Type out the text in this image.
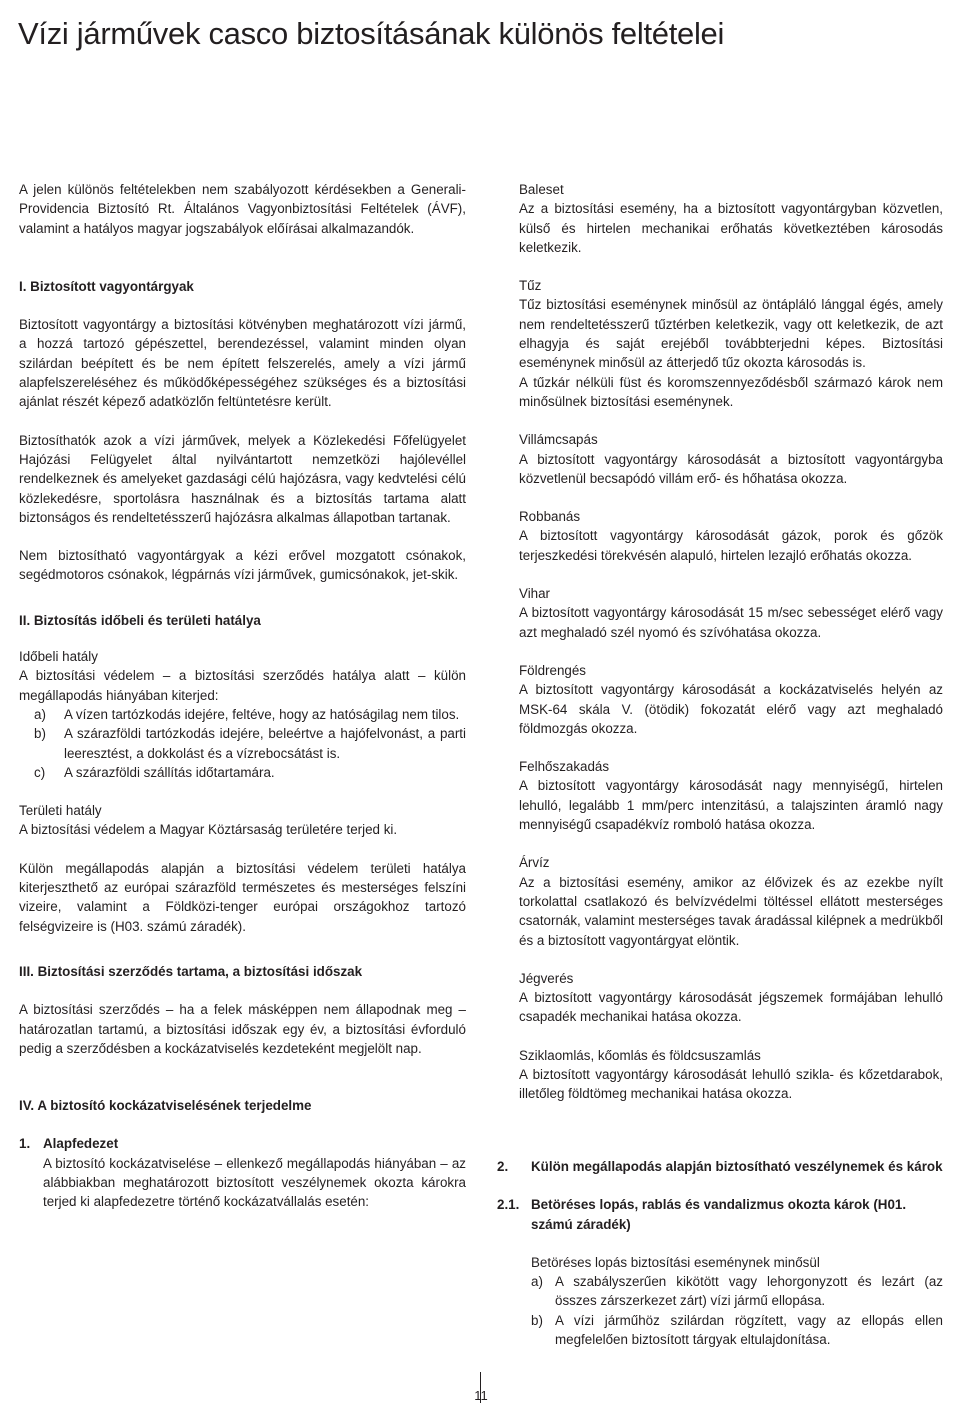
Vízi járművek casco biztosításának különös feltételei

A jelen különös feltételekben nem szabályozott kérdésekben a Generali-Providencia Biztosító Rt. Általános Vagyonbiztosítási Feltételek (ÁVF), valamint a hatályos magyar jogszabályok előírásai alkalmazandók.

I. Biztosított vagyontárgyak

Biztosított vagyontárgy a biztosítási kötvényben meghatározott vízi jármű, a hozzá tartozó gépészettel, berendezéssel, valamint minden olyan szilárdan beépített és be nem épített felszerelés, amely a vízi jármű alapfelszereléséhez és működőképességéhez szükséges és a biztosítási ajánlat részét képező adatközlőn feltüntetésre került.

Biztosíthatók azok a vízi járművek, melyek a Közlekedési Főfelügyelet Hajózási Felügyelet által nyilvántartott nemzetközi hajólevéllel rendelkeznek és amelyeket gazdasági célú hajózásra, vagy kedvtelési célú közlekedésre, sportolásra használnak és a biztosítás tartama alatt biztonságos és rendeltetésszerű hajózásra alkalmas állapotban tartanak.

Nem biztosítható vagyontárgyak a kézi erővel mozgatott csónakok, segédmotoros csónakok, légpárnás vízi járművek, gumicsónakok, jet-skik.

II. Biztosítás időbeli és területi hatálya

Időbeli hatály

A biztosítási védelem – a biztosítási szerződés hatálya alatt – külön megállapodás hiányában kiterjed:

a)	A vízen tartózkodás idejére, feltéve, hogy az hatóságilag nem tilos.
b)	A szárazföldi tartózkodás idejére, beleértve a hajófelvonást, a parti leeresztést, a dokkolást és a vízrebocsátást is.
c)	A szárazföldi szállítás időtartamára.

Területi hatály

A biztosítási védelem a Magyar Köztársaság területére terjed ki.

Külön megállapodás alapján a biztosítási védelem területi hatálya kiterjeszthető az európai szárazföld természetes és mesterséges felszíni vizeire, valamint a Földközi-tenger európai országokhoz tartozó felségvizeire is (H03. számú záradék).

III. Biztosítási szerződés tartama, a biztosítási időszak

A biztosítási szerződés – ha a felek másképpen nem állapodnak meg – határozatlan tartamú, a biztosítási időszak egy év, a biztosítási évforduló pedig a szerződésben a kockázatviselés kezdeteként megjelölt nap.

IV. A biztosító kockázatviselésének terjedelme

1. Alapfedezet

A biztosító kockázatviselése – ellenkező megállapodás hiányában – az alábbiakban meghatározott biztosított veszélynemek okozta károkra terjed ki alapfedezetre történő kockázatvállalás esetén:

Baleset

Az a biztosítási esemény, ha a biztosított vagyontárgyban közvetlen, külső és hirtelen mechanikai erőhatás következtében károsodás keletkezik.

Tűz

Tűz biztosítási eseménynek minősül az öntápláló lánggal égés, amely nem rendeltetésszerű tűztérben keletkezik, vagy ott keletkezik, de azt elhagyja és saját erejéből továbbterjedni képes. Biztosítási eseménynek minősül az átterjedő tűz okozta károsodás is.

A tűzkár nélküli füst és koromszennyeződésből származó károk nem minősülnek biztosítási eseménynek.

Villámcsapás

A biztosított vagyontárgy károsodását a biztosított vagyontárgyba közvetlenül becsapódó villám erő- és hőhatása okozza.

Robbanás

A biztosított vagyontárgy károsodását gázok, porok és gőzök terjeszkedési törekvésén alapuló, hirtelen lezajló erőhatás okozza.

Vihar

A biztosított vagyontárgy károsodását 15 m/sec sebességet elérő vagy azt meghaladó szél nyomó és szívóhatása okozza.

Földrengés

A biztosított vagyontárgy károsodását a kockázatviselés helyén az MSK-64 skála V. (ötödik) fokozatát elérő vagy azt meghaladó földmozgás okozza.

Felhőszakadás

A biztosított vagyontárgy károsodását nagy mennyiségű, hirtelen lehulló, legalább 1 mm/perc intenzitású, a talajszinten áramló nagy mennyiségű csapadékvíz romboló hatása okozza.

Árvíz

Az a biztosítási esemény, amikor az élővizek és az ezekbe nyílt torkolattal csatlakozó és belvízvédelmi töltéssel ellátott mesterséges csatornák, valamint mesterséges tavak áradással kilépnek a medrükből és a biztosított vagyontárgyat elöntik.

Jégverés

A biztosított vagyontárgy károsodását jégszemek formájában lehulló csapadék mechanikai hatása okozza.

Sziklaomlás, kőomlás és földcsuszamlás

A biztosított vagyontárgy károsodását lehulló szikla- és kőzetdarabok, illetőleg földtömeg mechanikai hatása okozza.

2.	Külön megállapodás alapján biztosítható veszélynemek és károk
2.1. Betöréses lopás, rablás és vandalizmus okozta károk (H01. számú záradék)

Betöréses lopás biztosítási eseménynek minősül

a) A szabályszerűen kikötött vagy lehorgonyzott és lezárt (az összes zárszerkezet zárt) vízi jármű ellopása.
b) A vízi járműhöz szilárdan rögzített, vagy az ellopás ellen megfelelően biztosított tárgyak eltulajdonítása.
11
